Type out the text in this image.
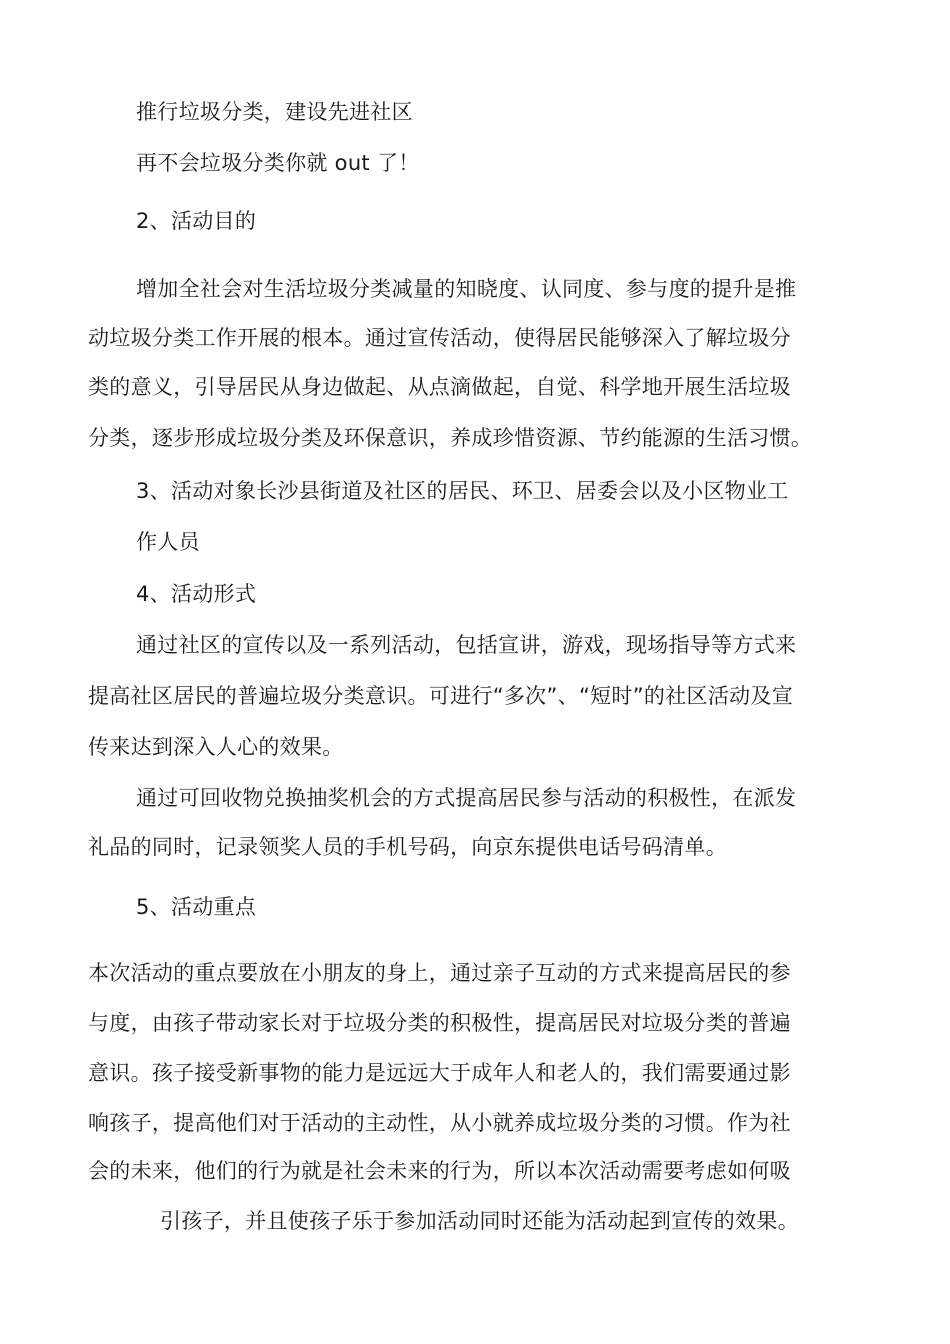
推行垃圾分类，建设先进社区
再不会垃圾分类你就 out 了！
2、活动目的
增加全社会对生活垃圾分类减量的知晓度、认同度、参与度的提升是推
动垃圾分类工作开展的根本。通过宣传活动，使得居民能够深入了解垃圾分
类的意义，引导居民从身边做起、从点滴做起，自觉、科学地开展生活垃圾
分类，逐步形成垃圾分类及环保意识，养成珍惜资源、节约能源的生活习惯。
3、活动对象长沙县街道及社区的居民、环卫、居委会以及小区物业工
作人员
4、活动形式
通过社区的宣传以及一系列活动，包括宣讲，游戏，现场指导等方式来
提高社区居民的普遍垃圾分类意识。可进行“多次”、“短时”的社区活动及宣
传来达到深入人心的效果。
通过可回收物兑换抽奖机会的方式提高居民参与活动的积极性，在派发
礼品的同时，记录领奖人员的手机号码，向京东提供电话号码清单。
5、活动重点
本次活动的重点要放在小朋友的身上，通过亲子互动的方式来提高居民的参
与度，由孩子带动家长对于垃圾分类的积极性，提高居民对垃圾分类的普遍
意识。孩子接受新事物的能力是远远大于成年人和老人的，我们需要通过影
响孩子，提高他们对于活动的主动性，从小就养成垃圾分类的习惯。作为社
会的未来，他们的行为就是社会未来的行为，所以本次活动需要考虑如何吸
引孩子，并且使孩子乐于参加活动同时还能为活动起到宣传的效果。
